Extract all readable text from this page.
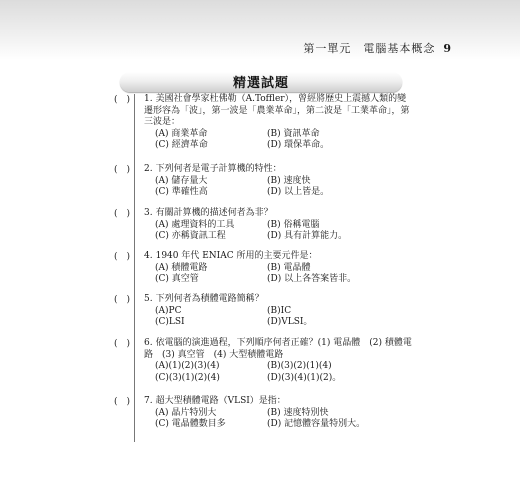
第一單元　電腦基本概念 9
精選試題
(　) 1. 美國社會學家杜佛勒（A.Toffler），曾經將歷史上震撼人類的變遷形容為「波」，第一波是「農業革命」，第二波是「工業革命」，第三波是：
(A) 商業革命	(B) 資訊革命
(C) 經濟革命	(D) 環保革命。
(　) 2. 下列何者是電子計算機的特性：
(A) 儲存量大	(B) 速度快
(C) 準確性高	(D) 以上皆是。
(　) 3. 有關計算機的描述何者為非？
(A) 處理資料的工具	(B) 俗稱電腦
(C) 亦稱資訊工程	(D) 具有計算能力。
(　) 4. 1940 年代 ENIAC 所用的主要元件是：
(A) 積體電路	(B) 電晶體
(C) 真空管	(D) 以上各答案皆非。
(　) 5. 下列何者為積體電路簡稱？
(A)PC	(B)IC
(C)LSI	(D)VLSI。
(　) 6. 依電腦的演進過程，下列順序何者正確？(1) 電晶體　(2) 積體電路　(3) 真空管　(4) 大型積體電路
(A)(1)(2)(3)(4)	(B)(3)(2)(1)(4)
(C)(3)(1)(2)(4)	(D)(3)(4)(1)(2)。
(　) 7. 超大型積體電路（VLSI）是指：
(A) 晶片特別大	(B) 速度特別快
(C) 電晶體數目多	(D) 記憶體容量特別大。
